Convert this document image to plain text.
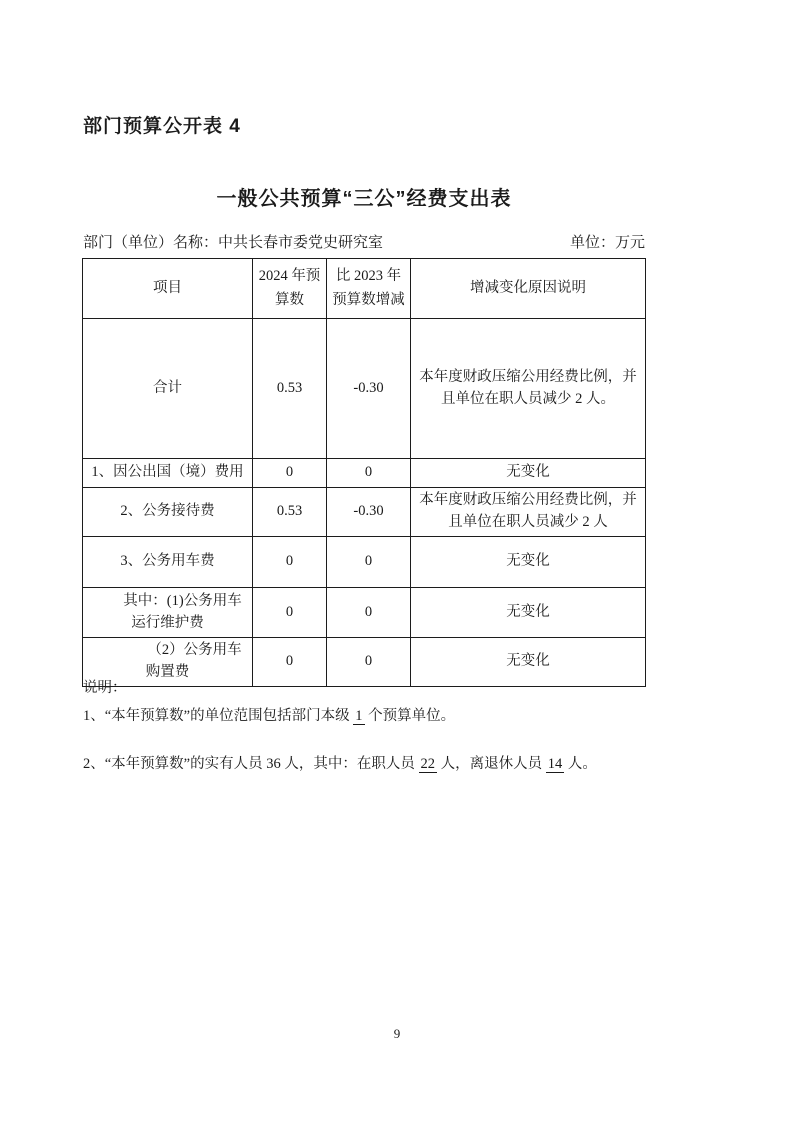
部门预算公开表 4
一般公共预算“三公”经费支出表
部门（单位）名称：中共长春市委党史研究室	单位：万元
项目	2024 年预算数	比 2023 年预算数增减	增减变化原因说明
合计	0.53	-0.30	本年度财政压缩公用经费比例，并且单位在职人员减少 2 人。
1、因公出国（境）费用	0	0	无变化
2、公务接待费	0.53	-0.30	本年度财政压缩公用经费比例，并且单位在职人员减少 2 人
3、公务用车费	0	0	无变化
其中：(1)公务用车运行维护费	0	0	无变化
（2）公务用车购置费	0	0	无变化
说明：
1、“本年预算数”的单位范围包括部门本级 1 个预算单位。
2、“本年预算数”的实有人员 36 人，其中：在职人员 22 人，离退休人员 14 人。
9
